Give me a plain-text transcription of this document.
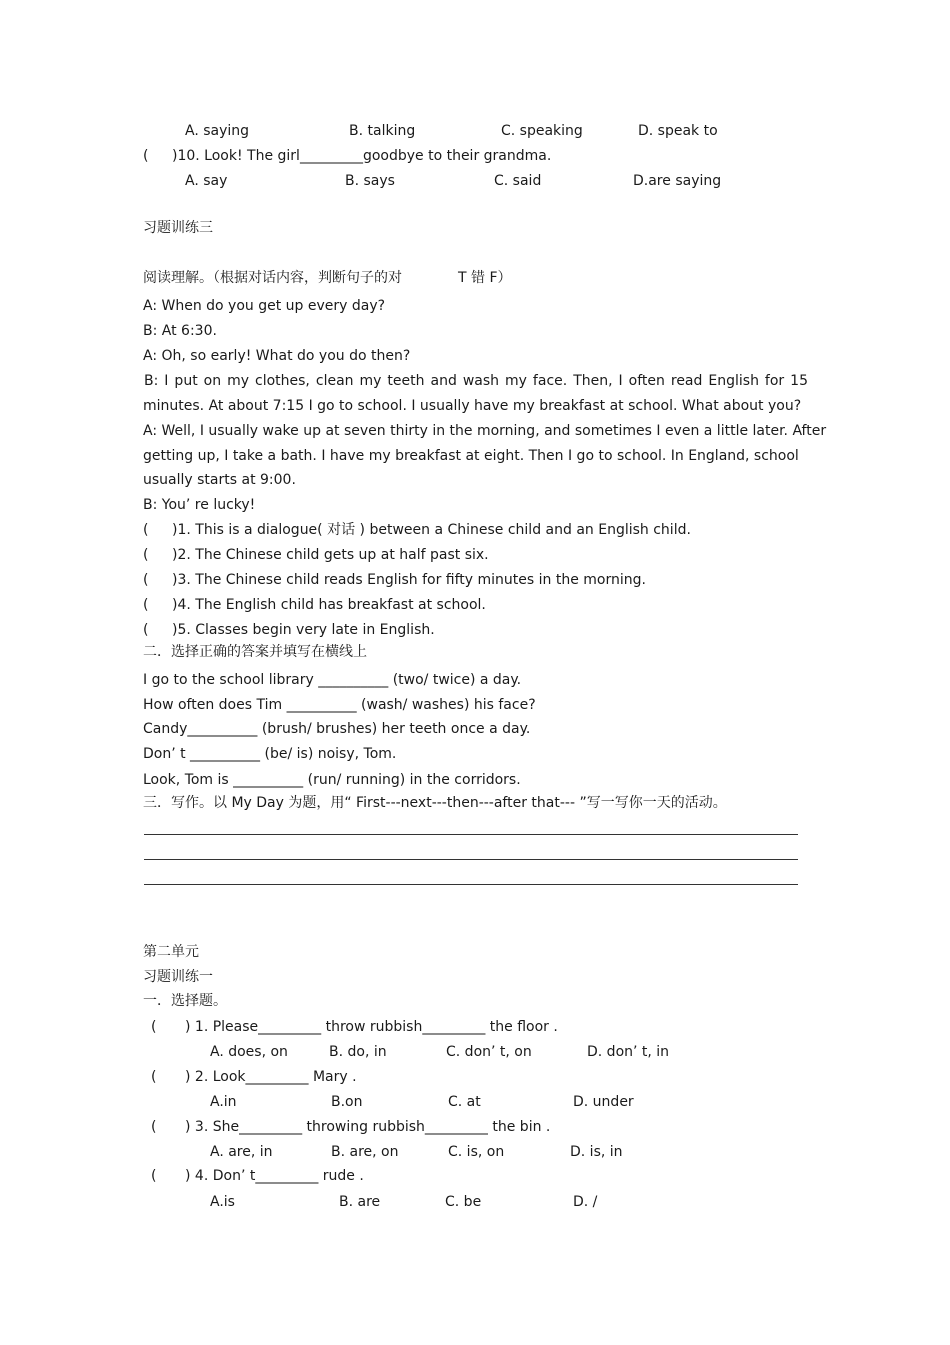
A. saying	B. talking	C. speaking	D. speak to
( )10. Look! The girl_________goodbye to their grandma.
A. say	B. says	C. said	D.are saying
习题训练三
阅读理解。（根据对话内容，判断句子的对	T 错 F）
A: When do you get up every day?
B: At 6:30.
A: Oh, so early! What do you do then?
B: I put on my clothes, clean my teeth and wash my face. Then, I often read English for 15
minutes. At about 7:15 I go to school. I usually have my breakfast at school. What about you?
A: Well, I usually wake up at seven thirty in the morning, and sometimes I even a little later. After
getting up, I take a bath. I have my breakfast at eight. Then I go to school. In England, school
usually starts at 9:00.
B: You’ re lucky!
( )1. This is a dialogue( 对话 ) between a Chinese child and an English child.
( )2. The Chinese child gets up at half past six.
( )3. The Chinese child reads English for fifty minutes in the morning.
( )4. The English child has breakfast at school.
( )5. Classes begin very late in English.
二．选择正确的答案并填写在横线上
I go to the school library __________ (two/ twice) a day.
How often does Tim __________ (wash/ washes) his face?
Candy__________ (brush/ brushes) her teeth once a day.
Don’ t __________ (be/ is) noisy, Tom.
Look, Tom is __________ (run/ running) in the corridors.
三．写作。以 My Day 为题，用“ First---next---then---after that--- ”写一写你一天的活动。
第二单元
习题训练一
一．选择题。
( ) 1. Please_________ throw rubbish_________ the floor .
A. does, on	B. do, in	C. don’ t, on	D. don’ t, in
( ) 2. Look_________ Mary .
A.in	B.on	C. at	D. under
( ) 3. She_________ throwing rubbish_________ the bin .
A. are, in	B. are, on	C. is, on	D. is, in
( ) 4. Don’ t_________ rude .
A.is	B. are	C. be	D. /
